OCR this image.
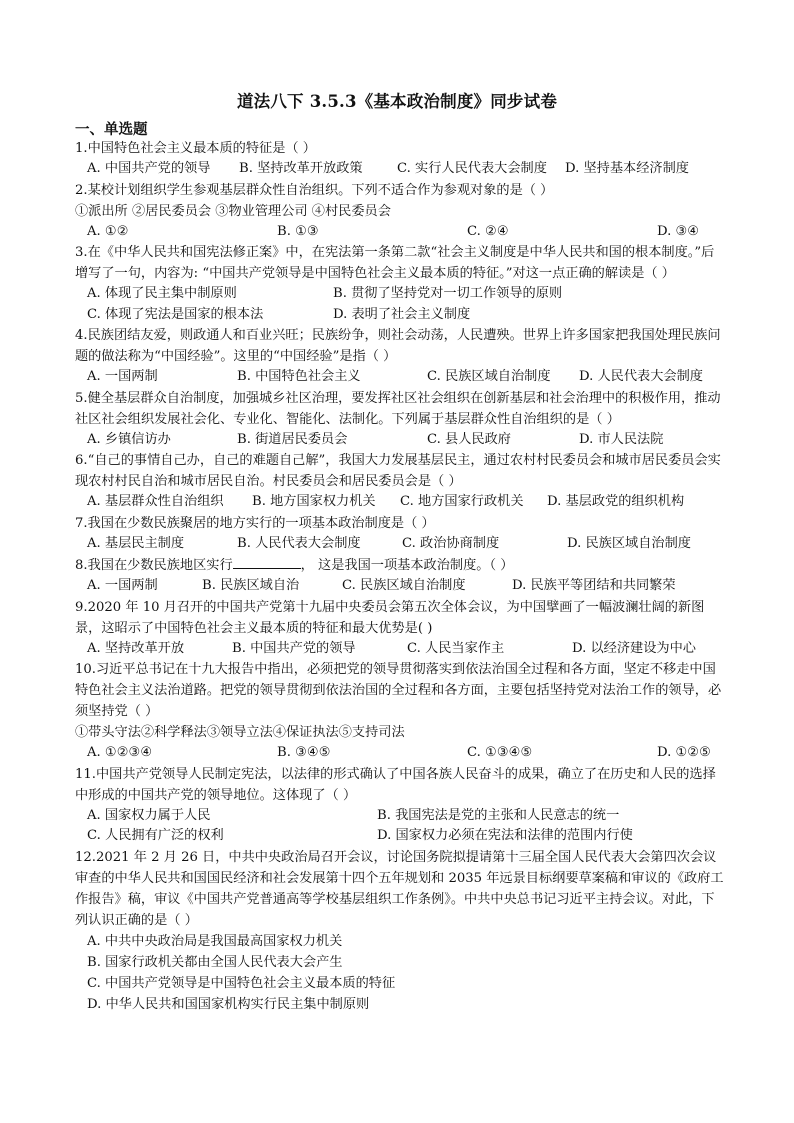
道法八下 3.5.3《基本政治制度》同步试卷
一、单选题
1.中国特色社会主义最本质的特征是（ ）
A. 中国共产党的领导	B. 坚持改革开放政策	C. 实行人民代表大会制度	D. 坚持基本经济制度
2.某校计划组织学生参观基层群众性自治组织。下列不适合作为参观对象的是（ ）
①派出所 ②居民委员会 ③物业管理公司 ④村民委员会
A. ①②	B. ①③	C. ②④	D. ③④
3.在《中华人民共和国宪法修正案》中，在宪法第一条第二款“社会主义制度是中华人民共和国的根本制度。”后增写了一句，内容为: “中国共产党领导是中国特色社会主义最本质的特征。”对这一点正确的解读是（ ）
A. 体现了民主集中制原则	B. 贯彻了坚持党对一切工作领导的原则
C. 体现了宪法是国家的根本法	D. 表明了社会主义制度
4.民族团结友爱，则政通人和百业兴旺；民族纷争，则社会动荡，人民遭殃。世界上许多国家把我国处理民族问题的做法称为“中国经验”。这里的“中国经验”是指（ ）
A. 一国两制	B. 中国特色社会主义	C. 民族区域自治制度	D. 人民代表大会制度
5.健全基层群众自治制度，加强城乡社区治理，要发挥社区社会组织在创新基层和社会治理中的积极作用，推动社区社会组织发展社会化、专业化、智能化、法制化。下列属于基层群众性自治组织的是（ ）
A. 乡镇信访办	B. 街道居民委员会	C. 县人民政府	D. 市人民法院
6.“自己的事情自己办，自己的难题自己解”，我国大力发展基层民主，通过农村村民委员会和城市居民委员会实现农村村民自治和城市居民自治。村民委员会和居民委员会是（ ）
A. 基层群众性自治组织	B. 地方国家权力机关	C. 地方国家行政机关	D. 基层政党的组织机构
7.我国在少数民族聚居的地方实行的一项基本政治制度是（ ）
A. 基层民主制度	B. 人民代表大会制度	C. 政治协商制度	D. 民族区域自治制度
8.我国在少数民族地区实行	， 这是我国一项基本政治制度。（ ）
A. 一国两制	B. 民族区域自治	C. 民族区域自治制度	D. 民族平等团结和共同繁荣
9.2020 年 10 月召开的中国共产党第十九届中央委员会第五次全体会议，为中国擘画了一幅波澜壮阔的新图景，这昭示了中国特色社会主义最本质的特征和最大优势是( )
A. 坚持改革开放	B. 中国共产党的领导	C. 人民当家作主	D. 以经济建设为中心
10.习近平总书记在十九大报告中指出，必须把党的领导贯彻落实到依法治国全过程和各方面，坚定不移走中国特色社会主义法治道路。把党的领导贯彻到依法治国的全过程和各方面，主要包括坚持党对法治工作的领导，必须坚持党（ ）
①带头守法②科学释法③领导立法④保证执法⑤支持司法
A. ①②③④	B. ③④⑤	C. ①③④⑤	D. ①②⑤
11.中国共产党领导人民制定宪法，以法律的形式确认了中国各族人民奋斗的成果，确立了在历史和人民的选择中形成的中国共产党的领导地位。这体现了（ ）
A. 国家权力属于人民	B. 我国宪法是党的主张和人民意志的统一
C. 人民拥有广泛的权利	D. 国家权力必须在宪法和法律的范围内行使
12.2021 年 2 月 26 日，中共中央政治局召开会议，讨论国务院拟提请第十三届全国人民代表大会第四次会议审查的中华人民共和国国民经济和社会发展第十四个五年规划和 2035 年远景目标纲要草案稿和审议的《政府工作报告》稿，审议《中国共产党普通高等学校基层组织工作条例》。中共中央总书记习近平主持会议。对此，下列认识正确的是（ ）
A. 中共中央政治局是我国最高国家权力机关
B. 国家行政机关都由全国人民代表大会产生
C. 中国共产党领导是中国特色社会主义最本质的特征
D. 中华人民共和国国家机构实行民主集中制原则
